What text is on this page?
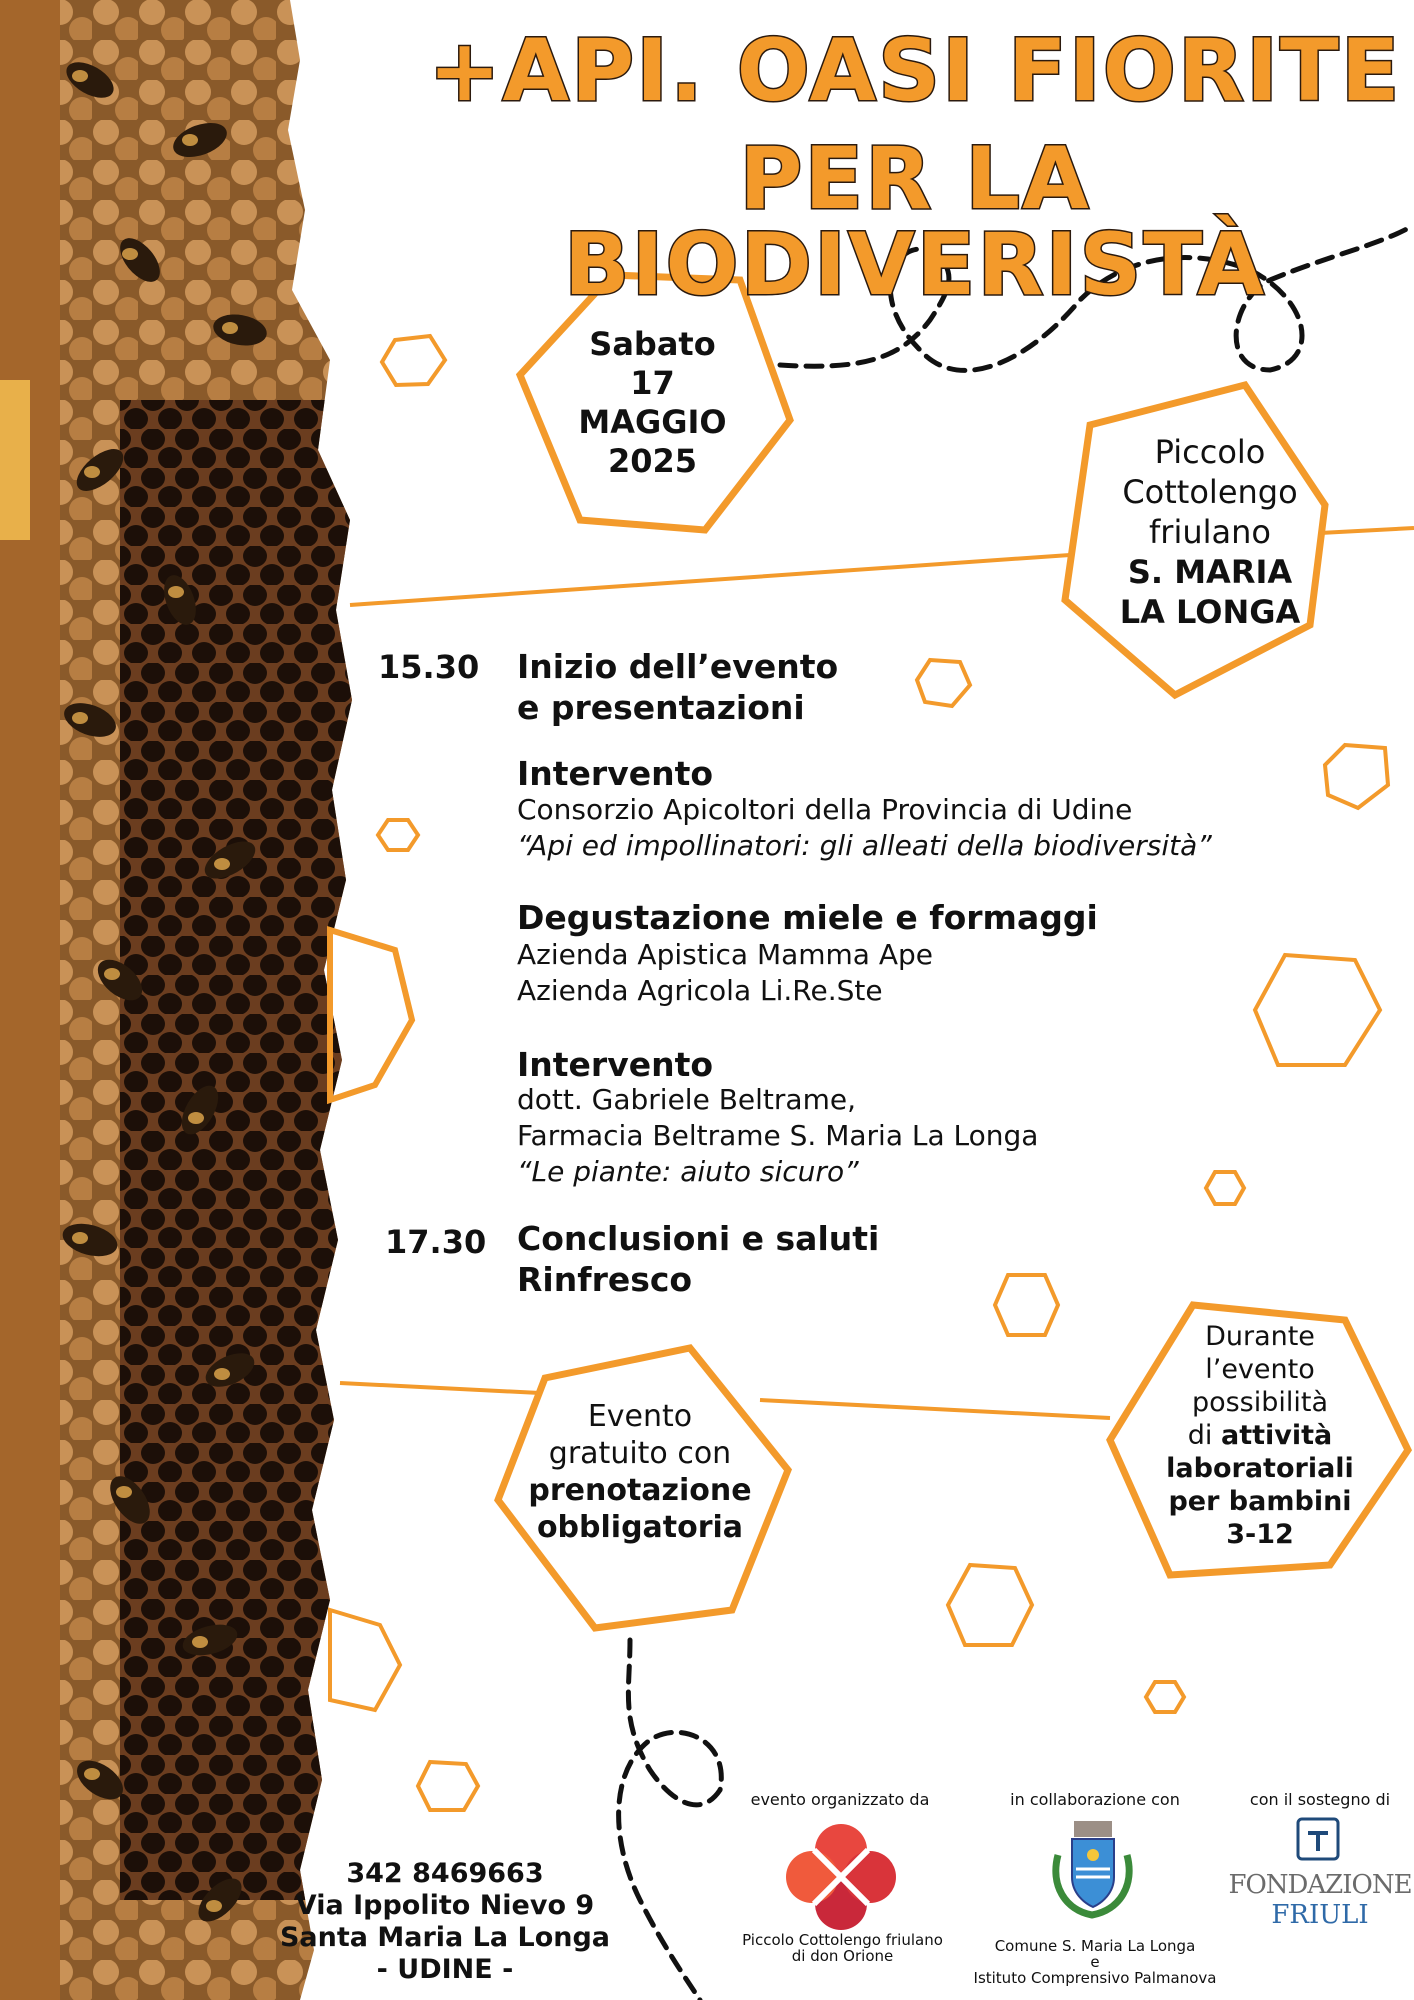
+API. OASI FIORITE
PER LA BIODIVERISTÀ
Sabato
17
MAGGIO
2025	Piccolo
Cottolengo
friulano
S. MARIA
LA LONGA
15.30 Inizio dell’evento
e presentazioni
Intervento
Consorzio Apicoltori della Provincia di Udine
“Api ed impollinatori: gli alleati della biodiversità”
Degustazione miele e formaggi
Azienda Apistica Mamma Ape
Azienda Agricola Li.Re.Ste
Intervento
dott. Gabriele Beltrame,
Farmacia Beltrame S. Maria La Longa
“Le piante: aiuto sicuro”
17.30 Conclusioni e saluti
Rinfresco
Evento
gratuito con
prenotazione
obbligatoria
Durante
l’evento
possibilità
di attività
laboratoriali
per bambini
3-12
342 8469663
Via Ippolito Nievo 9
Santa Maria La Longa
- UDINE -
evento organizzato da
Piccolo Cottolengo friulano
di don Orione
in collaborazione con
Comune S. Maria La Longa
e
Istituto Comprensivo Palmanova
con il sostegno di
FONDAZIONE
FRIULI
